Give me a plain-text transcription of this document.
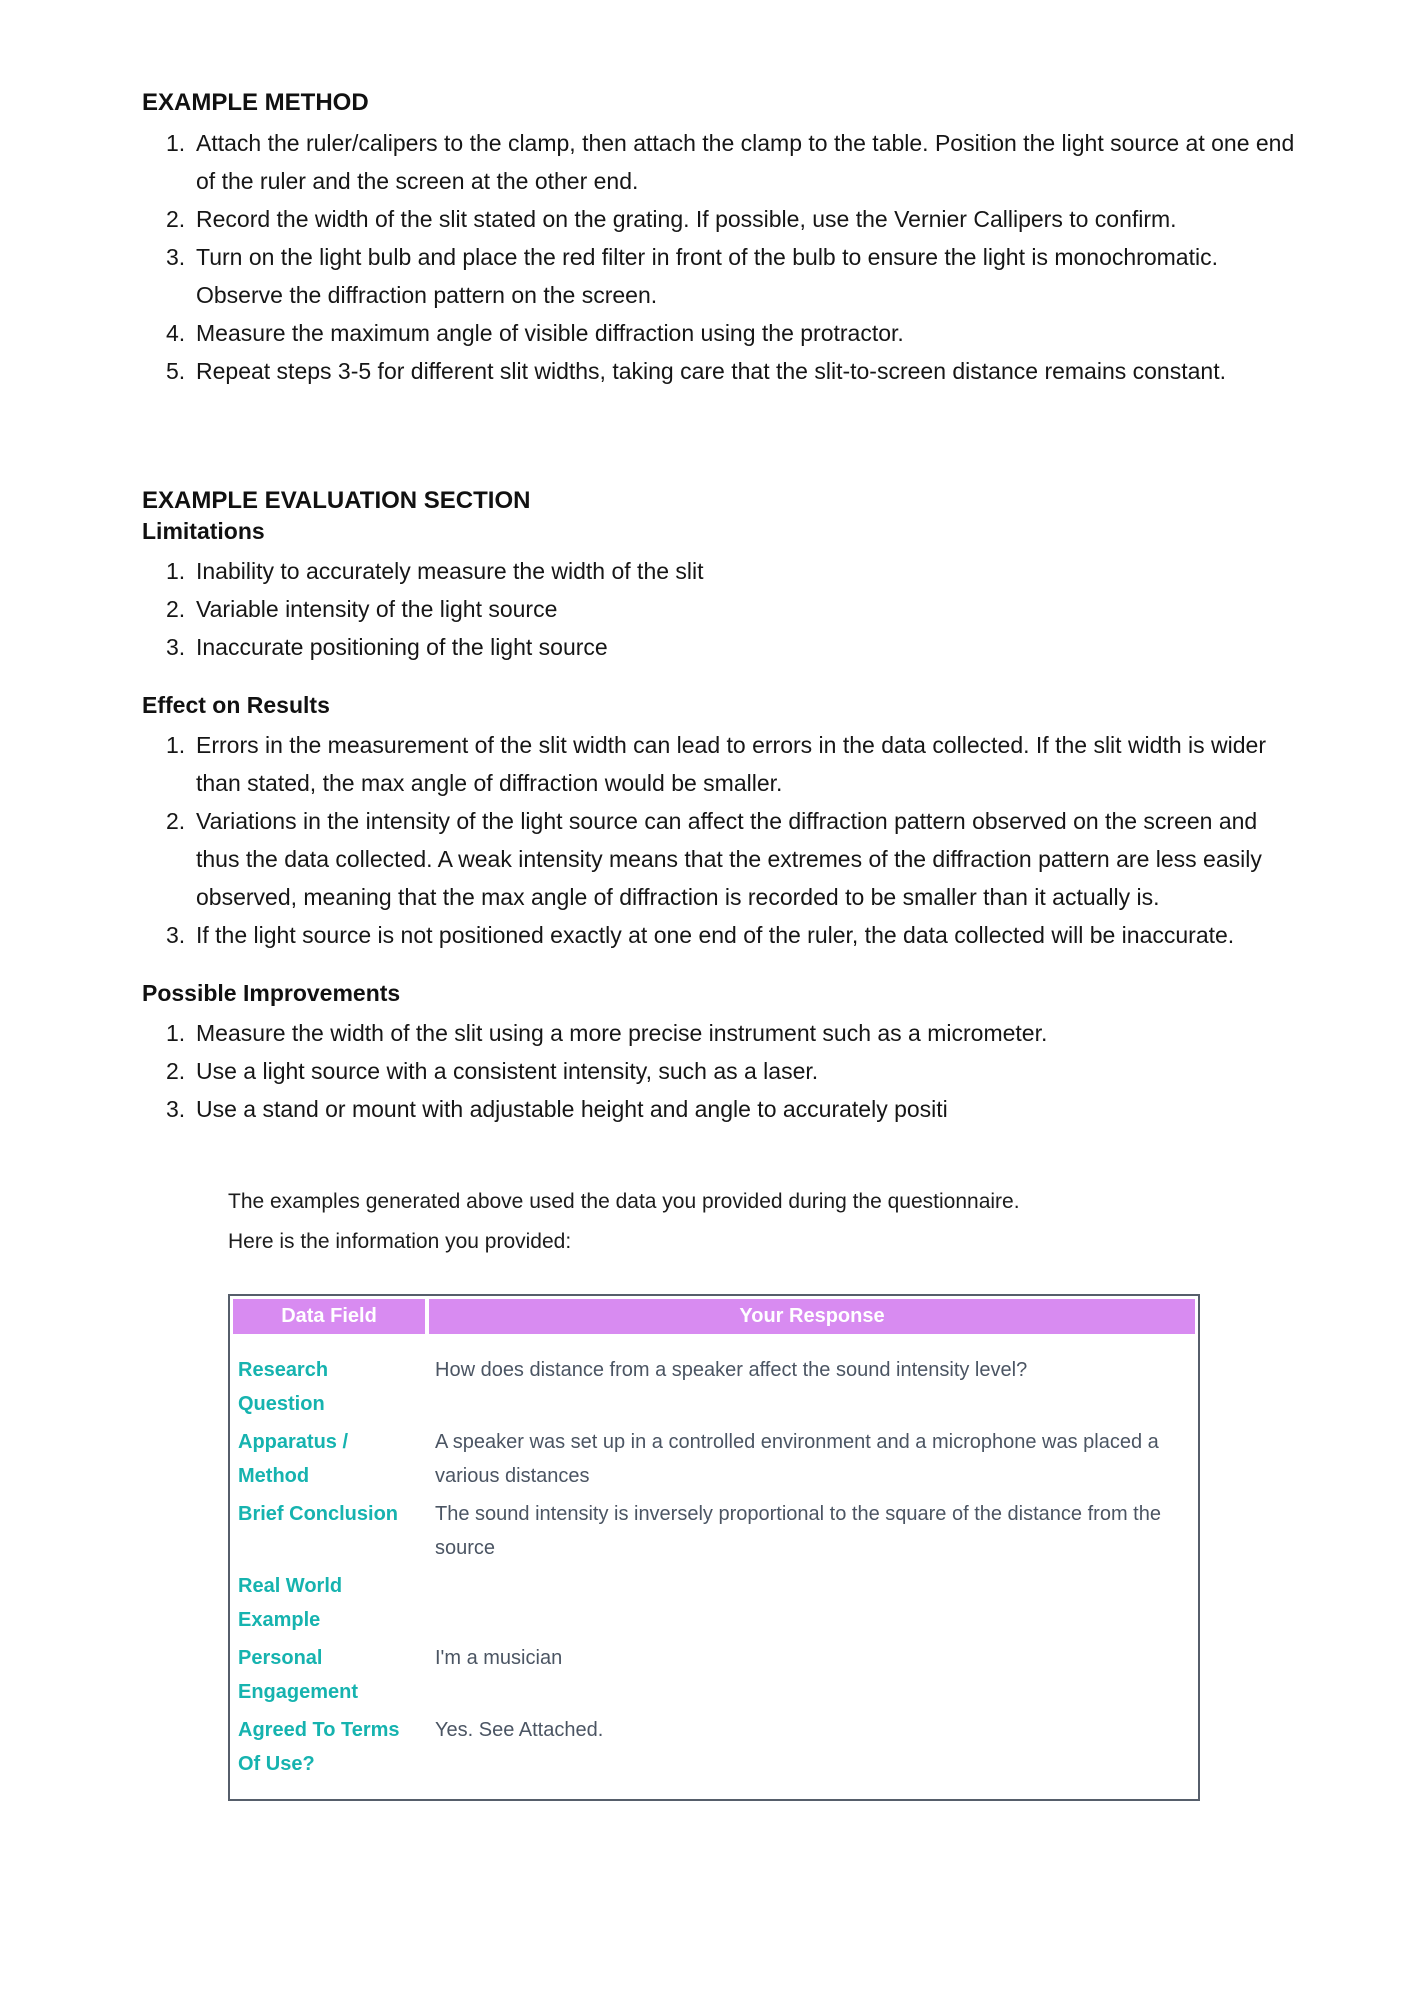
EXAMPLE METHOD
Attach the ruler/calipers to the clamp, then attach the clamp to the table. Position the light source at one end of the ruler and the screen at the other end.
Record the width of the slit stated on the grating. If possible, use the Vernier Callipers to confirm.
Turn on the light bulb and place the red filter in front of the bulb to ensure the light is monochromatic. Observe the diffraction pattern on the screen.
Measure the maximum angle of visible diffraction using the protractor.
Repeat steps 3-5 for different slit widths, taking care that the slit-to-screen distance remains constant.
EXAMPLE EVALUATION SECTION
Limitations
Inability to accurately measure the width of the slit
Variable intensity of the light source
Inaccurate positioning of the light source
Effect on Results
Errors in the measurement of the slit width can lead to errors in the data collected. If the slit width is wider than stated, the max angle of diffraction would be smaller.
Variations in the intensity of the light source can affect the diffraction pattern observed on the screen and thus the data collected. A weak intensity means that the extremes of the diffraction pattern are less easily observed, meaning that the max angle of diffraction is recorded to be smaller than it actually is.
If the light source is not positioned exactly at one end of the ruler, the data collected will be inaccurate.
Possible Improvements
Measure the width of the slit using a more precise instrument such as a micrometer.
Use a light source with a consistent intensity, such as a laser.
Use a stand or mount with adjustable height and angle to accurately positi
The examples generated above used the data you provided during the questionnaire.
Here is the information you provided:
Data Field	Your Response
Research Question
How does distance from a speaker affect the sound intensity level?
Apparatus / Method
A speaker was set up in a controlled environment and a microphone was placed a various distances
Brief Conclusion	The sound intensity is inversely proportional to the square of the distance from the source
Real World Example
Personal Engagement
I'm a musician
Agreed To Terms Of Use?
Yes. See Attached.
